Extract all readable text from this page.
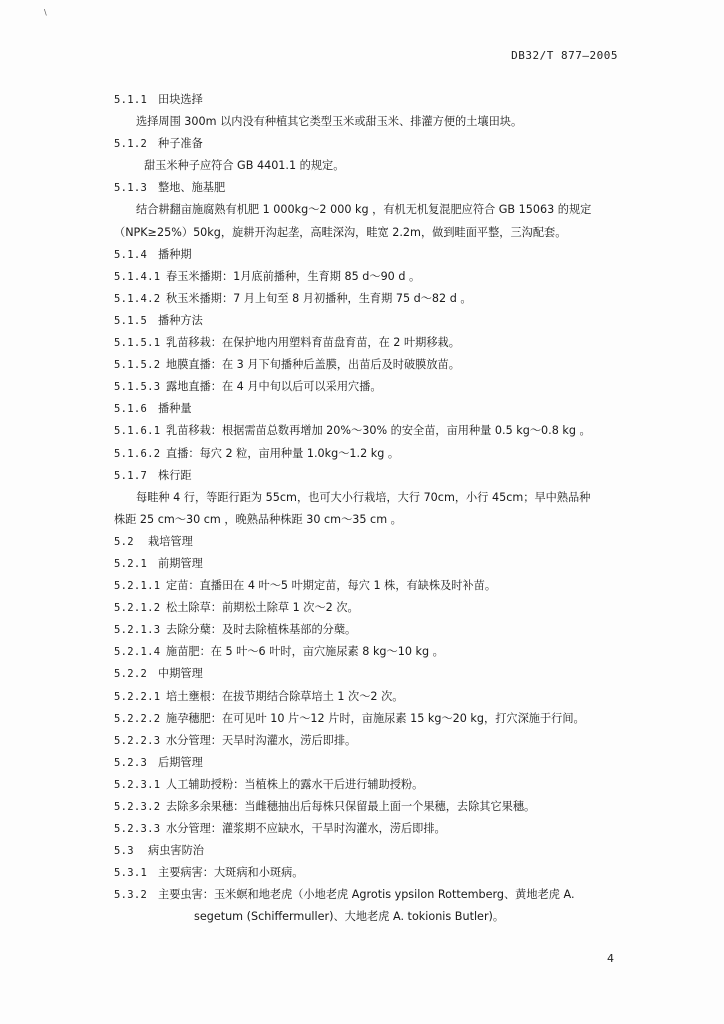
\
DB32/T 877—2005
5.1.1 田块选择
选择周围 300m 以内没有种植其它类型玉米或甜玉米、排灌方便的土壤田块。
5.1.2 种子准备
甜玉米种子应符合 GB 4401.1 的规定。
5.1.3 整地、施基肥
结合耕翻亩施腐熟有机肥 1 000kg～2 000 kg ，有机无机复混肥应符合 GB 15063 的规定
（NPK≥25%）50kg，旋耕开沟起垄，高畦深沟，畦宽 2.2m，做到畦面平整，三沟配套。
5.1.4 播种期
5.1.4.1 春玉米播期：1月底前播种，生育期 85 d～90 d 。
5.1.4.2 秋玉米播期：7 月上旬至 8 月初播种，生育期 75 d～82 d 。
5.1.5 播种方法
5.1.5.1 乳苗移栽：在保护地内用塑料育苗盘育苗，在 2 叶期移栽。
5.1.5.2 地膜直播：在 3 月下旬播种后盖膜，出苗后及时破膜放苗。
5.1.5.3 露地直播：在 4 月中旬以后可以采用穴播。
5.1.6 播种量
5.1.6.1 乳苗移栽：根据需苗总数再增加 20%～30% 的安全苗，亩用种量 0.5 kg～0.8 kg 。
5.1.6.2 直播：每穴 2 粒，亩用种量 1.0kg～1.2 kg 。
5.1.7 株行距
每畦种 4 行，等距行距为 55cm，也可大小行栽培，大行 70cm，小行 45cm；早中熟品种
株距 25 cm～30 cm ，晚熟品种株距 30 cm～35 cm 。
5.2 栽培管理
5.2.1 前期管理
5.2.1.1 定苗：直播田在 4 叶～5 叶期定苗，每穴 1 株，有缺株及时补苗。
5.2.1.2 松土除草：前期松土除草 1 次～2 次。
5.2.1.3 去除分蘖：及时去除植株基部的分蘖。
5.2.1.4 施苗肥：在 5 叶～6 叶时，亩穴施尿素 8 kg～10 kg 。
5.2.2 中期管理
5.2.2.1 培土壅根：在拔节期结合除草培土 1 次～2 次。
5.2.2.2 施孕穗肥：在可见叶 10 片～12 片时，亩施尿素 15 kg～20 kg，打穴深施于行间。
5.2.2.3 水分管理：天旱时沟灌水，涝后即排。
5.2.3 后期管理
5.2.3.1 人工辅助授粉：当植株上的露水干后进行辅助授粉。
5.2.3.2 去除多余果穗：当雌穗抽出后每株只保留最上面一个果穗，去除其它果穗。
5.2.3.3 水分管理：灌浆期不应缺水，干旱时沟灌水，涝后即排。
5.3 病虫害防治
5.3.1 主要病害：大斑病和小斑病。
5.3.2 主要虫害：玉米螟和地老虎（小地老虎 Agrotis ypsilon Rottemberg、黄地老虎 A.
segetum (Schiffermuller)、大地老虎 A. tokionis Butler)。
4
